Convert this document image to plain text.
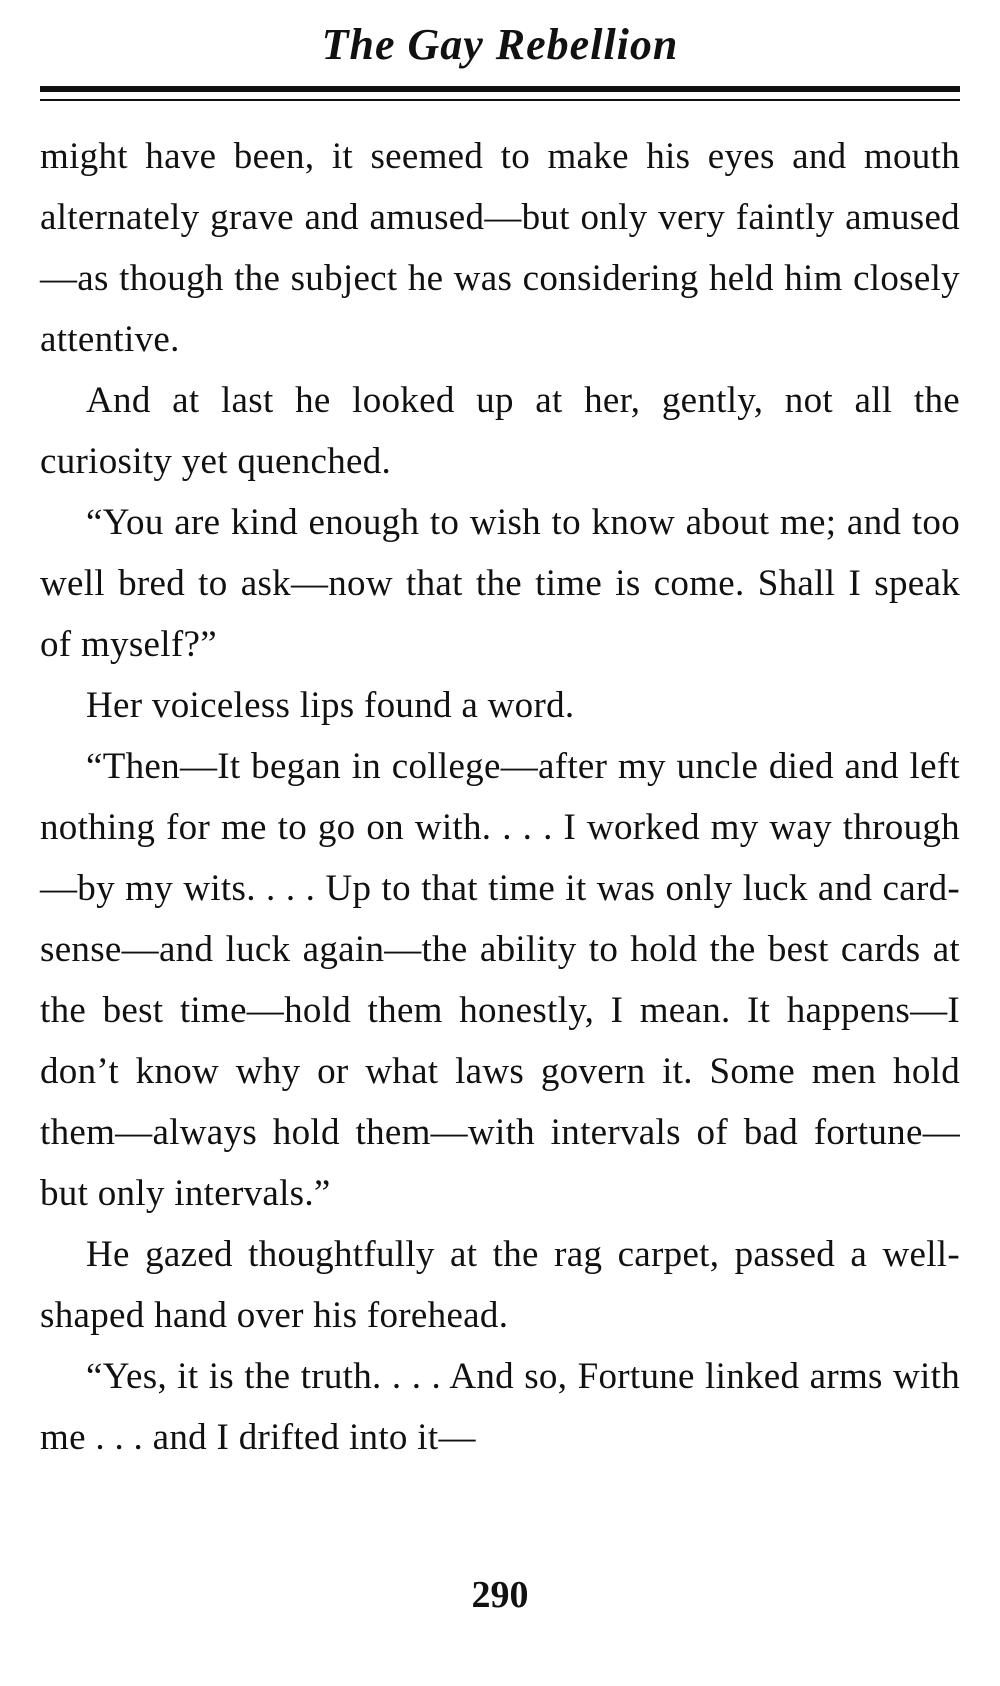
The Gay Rebellion

might have been, it seemed to make his eyes and mouth alternately grave and amused—but only very faintly amused—as though the subject he was considering held him closely attentive.

And at last he looked up at her, gently, not all the curiosity yet quenched.

“You are kind enough to wish to know about me; and too well bred to ask—now that the time is come. Shall I speak of myself?”

Her voiceless lips found a word.

“Then—It began in college—after my uncle died and left nothing for me to go on with. . . . I worked my way through—by my wits. . . . Up to that time it was only luck and card-sense—and luck again—the ability to hold the best cards at the best time—hold them honestly, I mean. It happens—I don’t know why or what laws govern it. Some men hold them—always hold them—with intervals of bad fortune—but only intervals.”

He gazed thoughtfully at the rag carpet, passed a well-shaped hand over his forehead.

“Yes, it is the truth. . . . And so, Fortune linked arms with me . . . and I drifted into it—

290
